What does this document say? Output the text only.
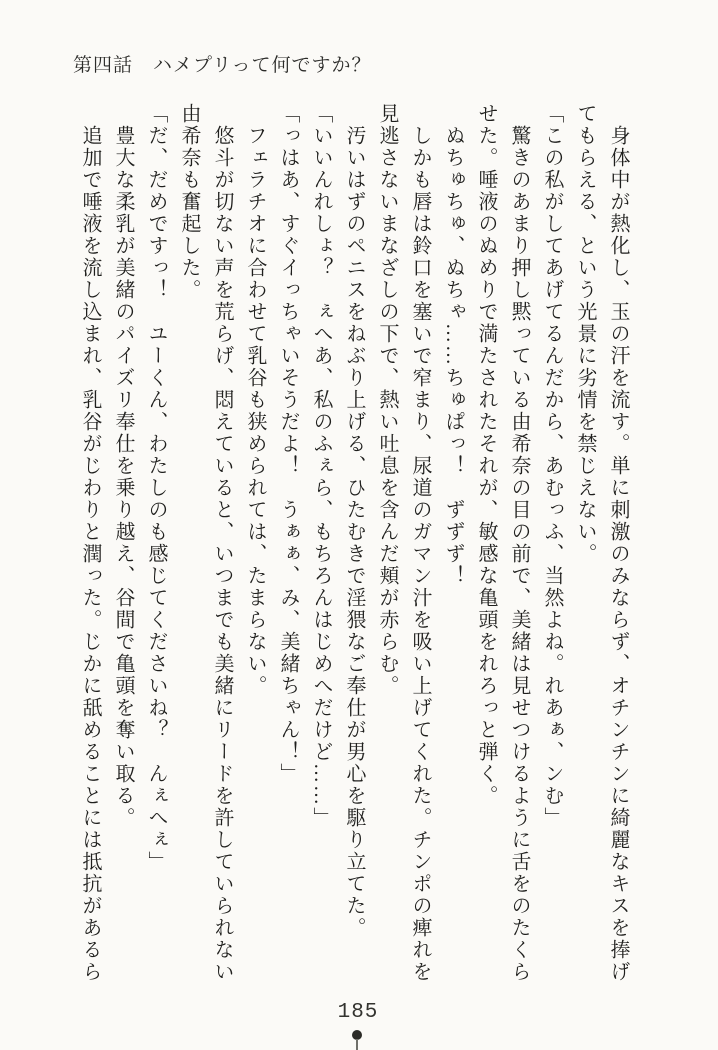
第四話　ハメプリって何ですか？

　身体中が熱化し、玉の汗を流す。単に刺激のみならず、オチンチンに綺麗なキスを捧げ

てもらえる、という光景に劣情を禁じえない。

「この私がしてあげてるんだから、あむっふ、当然よね。れあぁ、ンむ」

　驚きのあまり押し黙っている由希奈の目の前で、美緒は見せつけるように舌をのたくら

せた。唾液のぬめりで満たされたそれが、敏感な亀頭をれろっと弾く。

　ぬちゅちゅ、ぬちゃ……ちゅぱっ！　ずずず！

　しかも唇は鈴口を塞いで窄まり、尿道のガマン汁を吸い上げてくれた。チンポの痺れを

見逃さないまなざしの下で、熱い吐息を含んだ頬が赤らむ。

　汚いはずのペニスをねぶり上げる、ひたむきで淫猥なご奉仕が男心を駆り立てた。

「いいんれしょ？　ぇへあ、私のふぇら、もちろんはじめへだけど……」

「っはあ、すぐイっちゃいそうだよ！　うぁぁ、み、美緒ちゃん！」

　フェラチオに合わせて乳谷も狭められては、たまらない。

　悠斗が切ない声を荒らげ、悶えていると、いつまでも美緒にリードを許していられない

由希奈も奮起した。

「だ、だめですっ！　ユーくん、わたしのも感じてくださいね？　んぇへぇ」

　豊大な柔乳が美緒のパイズリ奉仕を乗り越え、谷間で亀頭を奪い取る。

　追加で唾液を流し込まれ、乳谷がじわりと潤った。じかに舐めることには抵抗があるら

185
